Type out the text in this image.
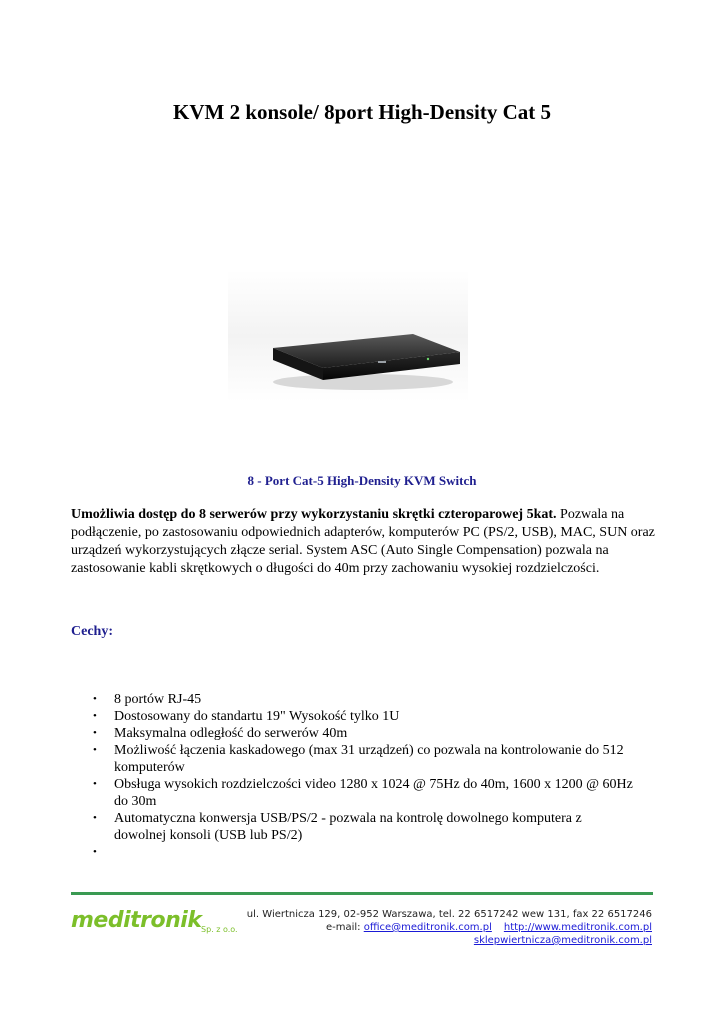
KVM 2 konsole/ 8port High-Density Cat 5

8 - Port Cat-5 High-Density KVM Switch

Umożliwia dostęp do 8 serwerów przy wykorzystaniu skrętki czteroparowej 5kat. Pozwala na podłączenie, po zastosowaniu odpowiednich adapterów, komputerów PC (PS/2, USB), MAC, SUN oraz urządzeń wykorzystujących złącze serial. System ASC (Auto Single Compensation) pozwala na zastosowanie kabli skrętkowych o długości do 40m przy zachowaniu wysokiej rozdzielczości.

Cechy:

• 8 portów RJ-45
• Dostosowany do standartu 19" Wysokość tylko 1U
• Maksymalna odległość do serwerów 40m
• Możliwość łączenia kaskadowego (max 31 urządzeń) co pozwala na kontrolowanie do 512 komputerów
• Obsługa wysokich rozdzielczości video 1280 x 1024 @ 75Hz do 40m, 1600 x 1200 @ 60Hz do 30m
• Automatyczna konwersja USB/PS/2 - pozwala na kontrolę dowolnego komputera z dowolnej konsoli (USB lub PS/2)
•
meditronik Sp. z o.o.
ul. Wiertnicza 129, 02-952 Warszawa, tel. 22 6517242 wew 131, fax 22 6517246
e-mail: office@meditronik.com.pl http://www.meditronik.com.pl
sklepwiertnicza@meditronik.com.pl
